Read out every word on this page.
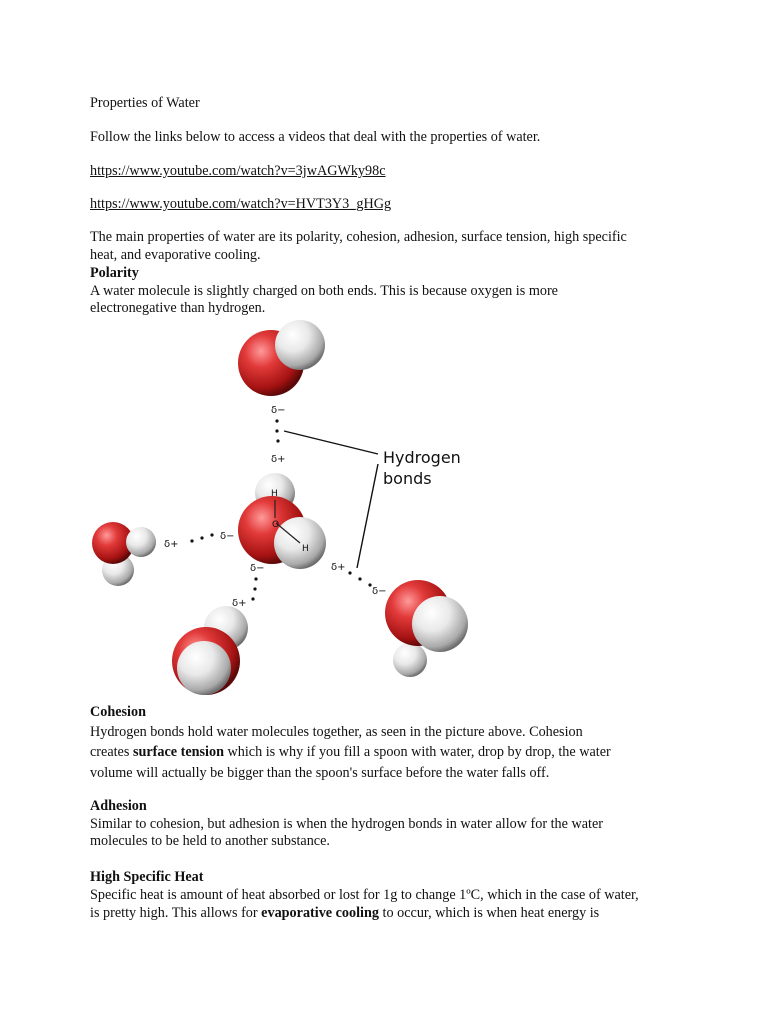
Properties of Water

Follow the links below to access a videos that deal with the properties of water.

https://www.youtube.com/watch?v=3jwAGWky98c
https://www.youtube.com/watch?v=HVT3Y3_gHGg

The main properties of water are its polarity, cohesion, adhesion, surface tension, high specific

heat, and evaporative cooling.

Polarity

A water molecule is slightly charged on both ends. This is because oxygen is more

electronegative than hydrogen.

H
O
H
δ−
δ+
δ+
δ−
δ−
δ+
δ+
δ−
Hydrogen
bonds

Cohesion

Hydrogen bonds hold water molecules together, as seen in the picture above. Cohesion

creates surface tension which is why if you fill a spoon with water, drop by drop, the water

volume will actually be bigger than the spoon's surface before the water falls off.

Adhesion

Similar to cohesion, but adhesion is when the hydrogen bonds in water allow for the water

molecules to be held to another substance.

High Specific Heat

Specific heat is amount of heat absorbed or lost for 1g to change 1ºC, which in the case of water,

is pretty high. This allows for evaporative cooling to occur, which is when heat energy is
